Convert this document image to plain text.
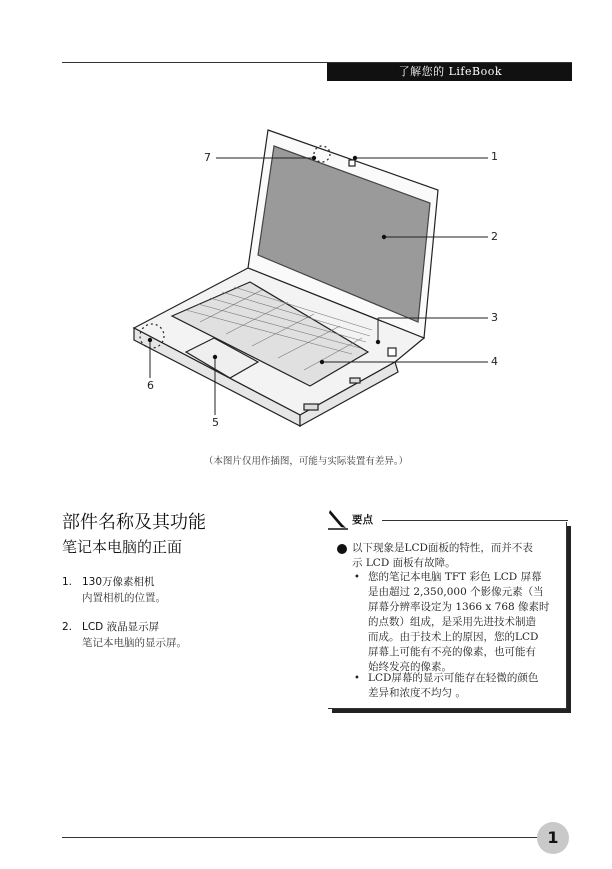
了解您的 LifeBook
1
2
3
4
5
6
7
（本图片仅用作插图，可能与实际装置有差异。）
部件名称及其功能
笔记本电脑的正面
1. 130万像素相机
内置相机的位置。
2. LCD 液晶显示屏
笔记本电脑的显示屏。
要点
以下现象是LCD面板的特性，而并不表
示 LCD 面板有故障。
• 您的笔记本电脑 TFT 彩色 LCD 屏幕
是由超过 2,350,000 个影像元素（当
屏幕分辨率设定为 1366 x 768 像素时
的点数）组成，是采用先进技术制造
而成。由于技术上的原因，您的LCD
屏幕上可能有不亮的像素，也可能有
始终发亮的像素。
• LCD屏幕的显示可能存在轻微的颜色
差异和浓度不均匀 。
1
